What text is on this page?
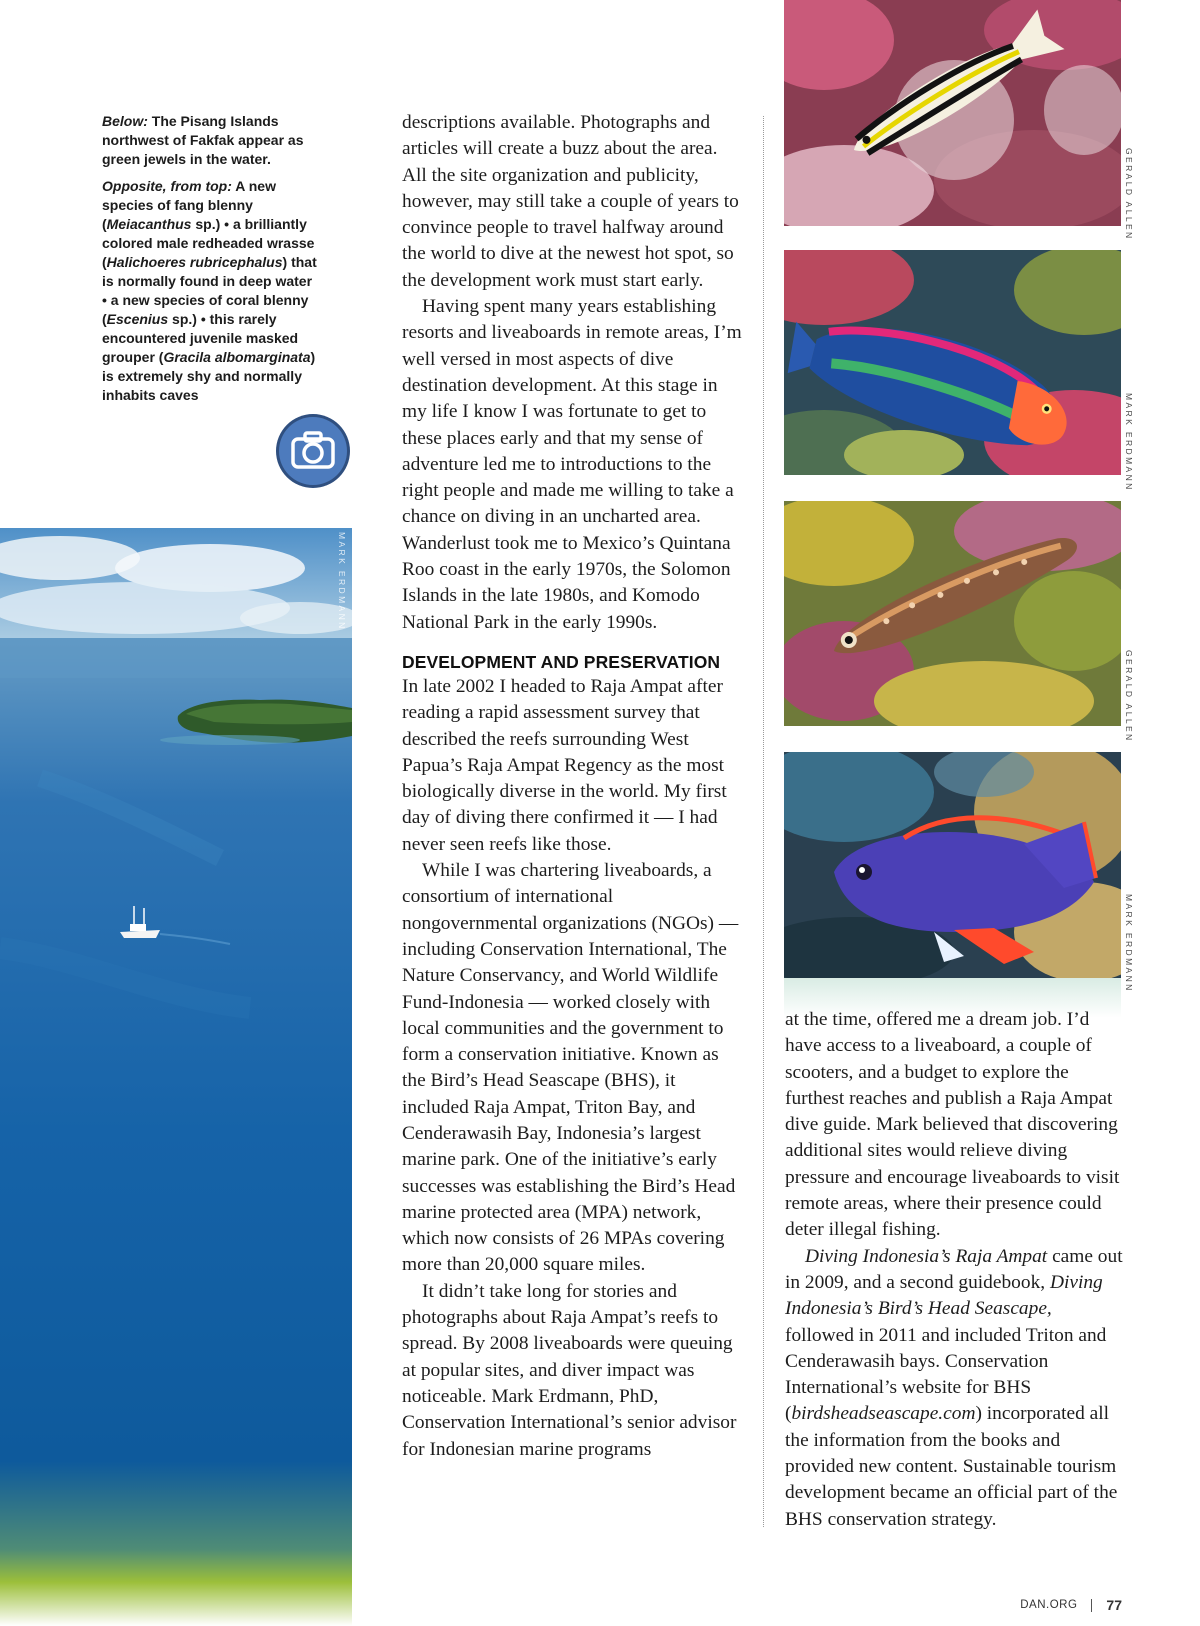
Below: The Pisang Islands northwest of Fakfak appear as green jewels in the water.

Opposite, from top: A new species of fang blenny (Meiacanthus sp.) • a brilliantly colored male redheaded wrasse (Halichoeres rubricephalus) that is normally found in deep water • a new species of coral blenny (Escenius sp.) • this rarely encountered juvenile masked grouper (Gracila albomarginata) is extremely shy and normally inhabits caves

MARK ERDMANN

descriptions available. Photographs and articles will create a buzz about the area. All the site organization and publicity, however, may still take a couple of years to convince people to travel halfway around the world to dive at the newest hot spot, so the development work must start early.

Having spent many years establishing resorts and liveaboards in remote areas, I’m well versed in most aspects of dive destination development. At this stage in my life I know I was fortunate to get to these places early and that my sense of adventure led me to introductions to the right people and made me willing to take a chance on diving in an uncharted area. Wanderlust took me to Mexico’s Quintana Roo coast in the early 1970s, the Solomon Islands in the late 1980s, and Komodo National Park in the early 1990s.

DEVELOPMENT AND PRESERVATION

In late 2002 I headed to Raja Ampat after reading a rapid assessment survey that described the reefs surrounding West Papua’s Raja Ampat Regency as the most biologically diverse in the world. My first day of diving there confirmed it — I had never seen reefs like those.

While I was chartering liveaboards, a consortium of international nongovernmental organizations (NGOs) — including Conservation International, The Nature Conservancy, and World Wildlife Fund-Indonesia — worked closely with local communities and the government to form a conservation initiative. Known as the Bird’s Head Seascape (BHS), it included Raja Ampat, Triton Bay, and Cenderawasih Bay, Indonesia’s largest marine park. One of the initiative’s early successes was establishing the Bird’s Head marine protected area (MPA) network, which now consists of 26 MPAs covering more than 20,000 square miles.

It didn’t take long for stories and photographs about Raja Ampat’s reefs to spread. By 2008 liveaboards were queuing at popular sites, and diver impact was noticeable. Mark Erdmann, PhD, Conservation International’s senior advisor for Indonesian marine programs

GERALD ALLEN
MARK ERDMANN
GERALD ALLEN
MARK ERDMANN

at the time, offered me a dream job. I’d have access to a liveaboard, a couple of scooters, and a budget to explore the furthest reaches and publish a Raja Ampat dive guide. Mark believed that discovering additional sites would relieve diving pressure and encourage liveaboards to visit remote areas, where their presence could deter illegal fishing.

Diving Indonesia’s Raja Ampat came out in 2009, and a second guidebook, Diving Indonesia’s Bird’s Head Seascape, followed in 2011 and included Triton and Cenderawasih bays. Conservation International’s website for BHS (birdsheadseascape.com) incorporated all the information from the books and provided new content. Sustainable tourism development became an official part of the BHS conservation strategy.

DAN.ORG 77
